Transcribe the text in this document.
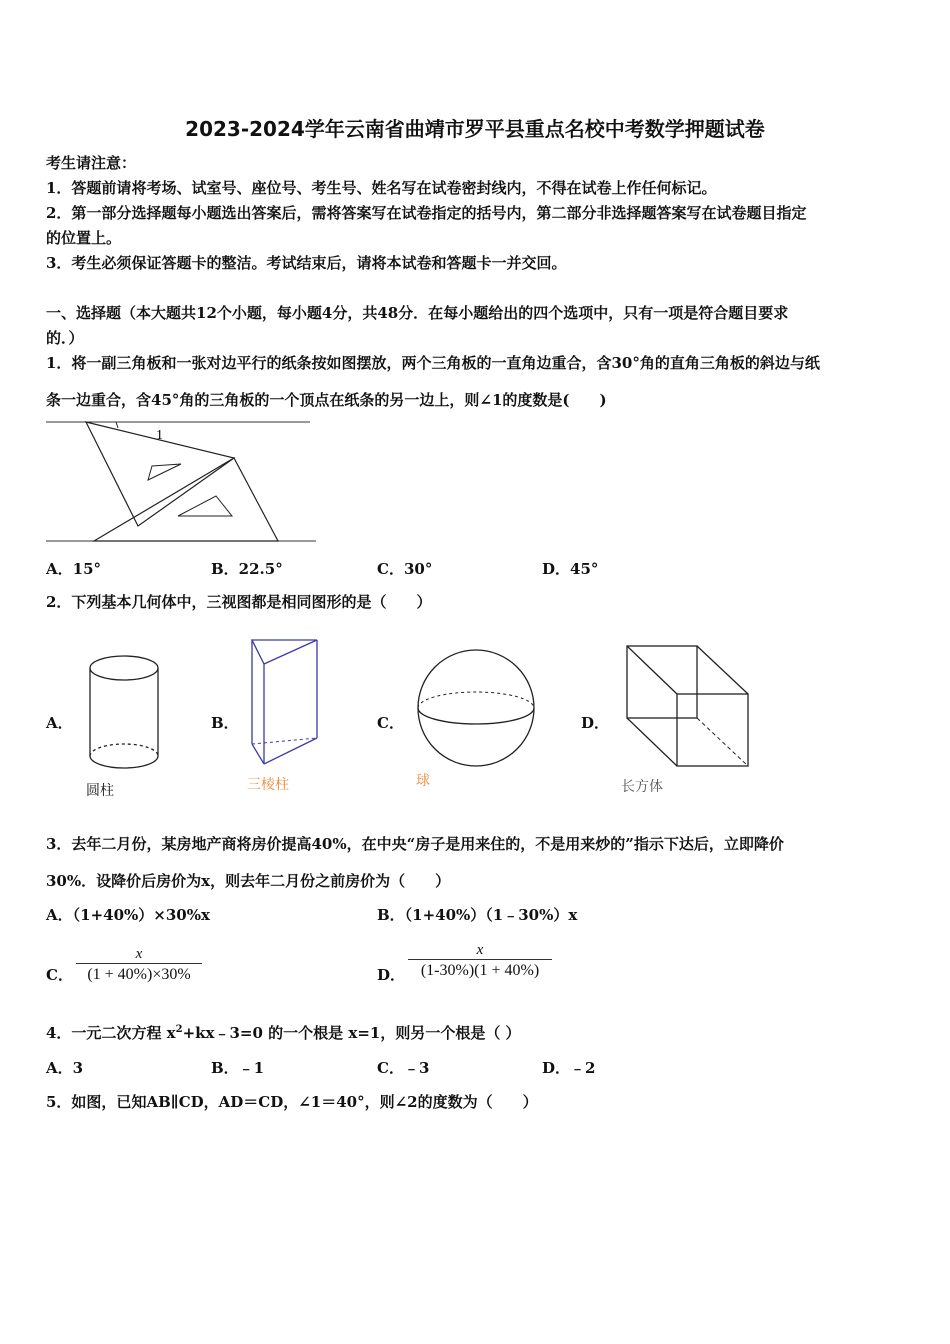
2023-2024学年云南省曲靖市罗平县重点名校中考数学押题试卷
考生请注意：
1．答题前请将考场、试室号、座位号、考生号、姓名写在试卷密封线内，不得在试卷上作任何标记。
2．第一部分选择题每小题选出答案后，需将答案写在试卷指定的括号内，第二部分非选择题答案写在试卷题目指定
的位置上。
3．考生必须保证答题卡的整洁。考试结束后，请将本试卷和答题卡一并交回。
一、选择题（本大题共12个小题，每小题4分，共48分．在每小题给出的四个选项中，只有一项是符合题目要求
的．）
1．将一副三角板和一张对边平行的纸条按如图摆放，两个三角板的一直角边重合，含30°角的直角三角板的斜边与纸
条一边重合，含45°角的三角板的一个顶点在纸条的另一边上，则∠1的度数是(　　)
1
A．15°	B．22.5°	C．30°	D．45°
2．下列基本几何体中，三视图都是相同图形的是（　　）
A．
圆柱
B．
三棱柱
C．
球
D．
长方体
3．去年二月份，某房地产商将房价提高40%，在中央“房子是用来住的，不是用来炒的”指示下达后，立即降价
30%．设降价后房价为x，则去年二月份之前房价为（　　）
A．（1+40%）×30%x	B．（1+40%）（1﹣30%）x
C． $\frac{x}{(1 + 40\%)\times 30\%}$	D． $\frac{x}{(1-30\%)(1 + 40\%)}$
4．一元二次方程 $x^2+kx﹣3=0$ 的一个根是 x=1，则另一个根是（ ）
A．3	B．﹣1	C．﹣3	D．﹣2
5．如图，已知AB∥CD，AD＝CD，∠1＝40°，则∠2的度数为（　　）
